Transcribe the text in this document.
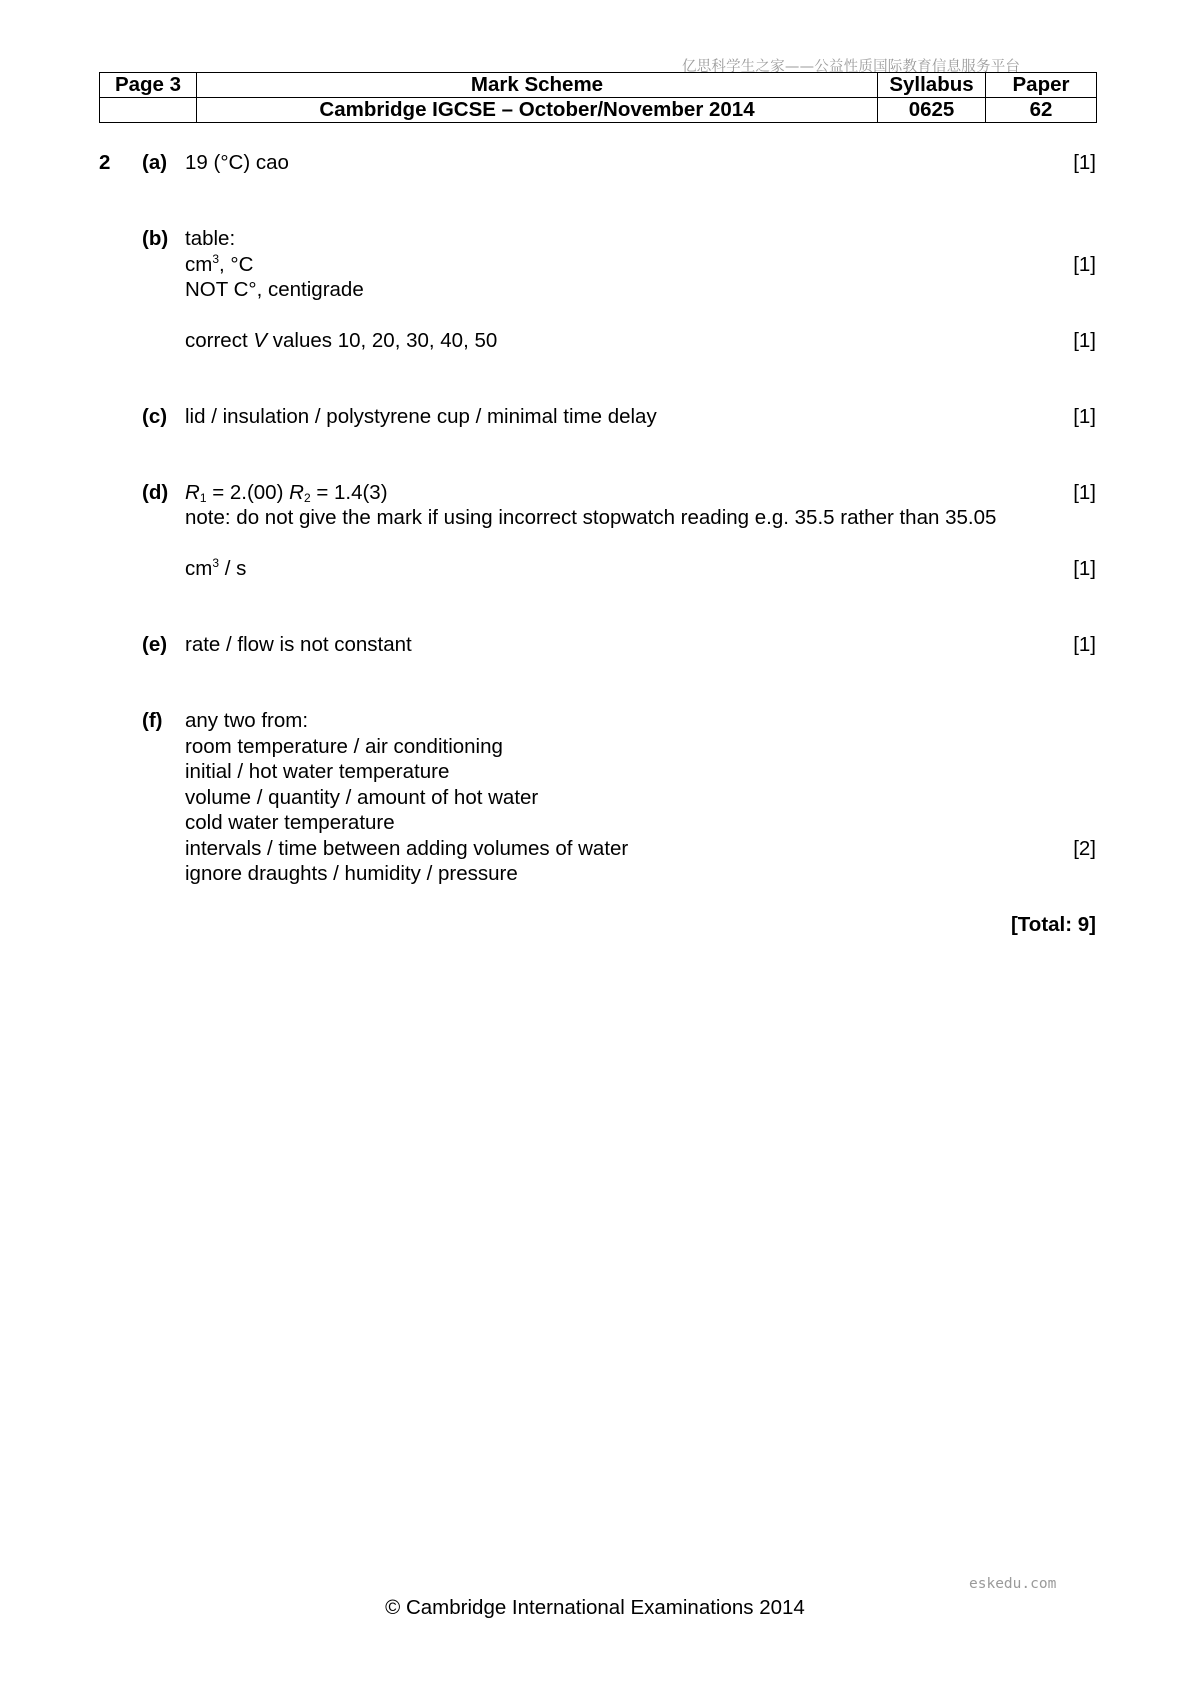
亿思科学生之家——公益性质国际教育信息服务平台
Page 3	Mark Scheme	Syllabus	Paper
	Cambridge IGCSE – October/November 2014	0625	62
2 (a) 19 (°C) cao	[1]
(b) table:
$cm^3$, °C	[1]
NOT C°, centigrade
correct V values 10, 20, 30, 40, 50	[1]
(c) lid / insulation / polystyrene cup / minimal time delay	[1]
(d) $R_1 = 2.(00) R_2 = 1.4(3)$	[1]
note: do not give the mark if using incorrect stopwatch reading e.g. 35.5 rather than 35.05
$cm^3$ / s	[1]
(e) rate / flow is not constant	[1]
(f) any two from:
room temperature / air conditioning
initial / hot water temperature
volume / quantity / amount of hot water
cold water temperature
intervals / time between adding volumes of water	[2]
ignore draughts / humidity / pressure
[Total: 9]
eskedu.com
© Cambridge International Examinations 2014
